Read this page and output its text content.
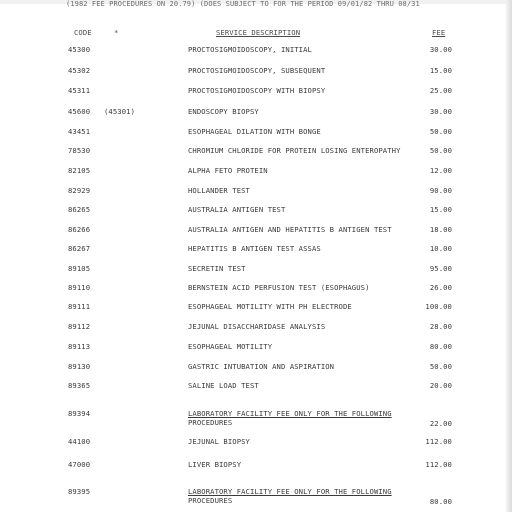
(1982 FEE PROCEDURES ON 20.79) (DOES SUBJECT TO FOR THE PERIOD 09/01/82 THRU 08/31
CODE	*	SERVICE DESCRIPTION	FEE
45300	PROCTOSIGMOIDOSCOPY, INITIAL	30.00
45302	PROCTOSIGMOIDOSCOPY, SUBSEQUENT	15.00
45311	PROCTOSIGMOIDOSCOPY WITH BIOPSY	25.00
45600 (45301)	ENDOSCOPY BIOPSY	30.00
43451	ESOPHAGEAL DILATION WITH BONGE	50.00
78530	CHROMIUM CHLORIDE FOR PROTEIN LOSING ENTEROPATHY	50.00
82105	ALPHA FETO PROTEIN	12.00
82929	HOLLANDER TEST	90.00
86265	AUSTRALIA ANTIGEN TEST	15.00
86266	AUSTRALIA ANTIGEN AND HEPATITIS B ANTIGEN TEST	18.00
86267	HEPATITIS B ANTIGEN TEST ASSAS	10.00
89105	SECRETIN TEST	95.00
89110	BERNSTEIN ACID PERFUSION TEST (ESOPHAGUS)	26.00
89111	ESOPHAGEAL MOTILITY WITH PH ELECTRODE	100.00
89112	JEJUNAL DISACCHARIDASE ANALYSIS	28.00
89113	ESOPHAGEAL MOTILITY	80.00
89130	GASTRIC INTUBATION AND ASPIRATION	50.00
89365	SALINE LOAD TEST	20.00
89394	LABORATORY FACILITY FEE ONLY FOR THE FOLLOWING
PROCEDURES	22.00
44100	JEJUNAL BIOPSY	112.00
47000	LIVER BIOPSY	112.00
89395	LABORATORY FACILITY FEE ONLY FOR THE FOLLOWING
PROCEDURES	80.00
